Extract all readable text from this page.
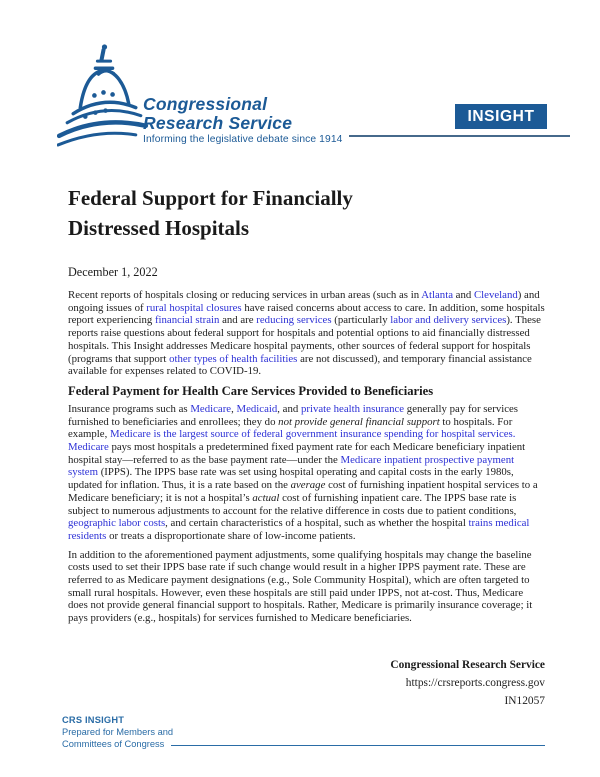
Congressional
Research Service
Informing the legislative debate since 1914
INSIGHT
Federal Support for Financially
Distressed Hospitals
December 1, 2022

Recent reports of hospitals closing or reducing services in urban areas (such as in Atlanta and Cleveland) and ongoing issues of rural hospital closures have raised concerns about access to care. In addition, some hospitals report experiencing financial strain and are reducing services (particularly labor and delivery services). These reports raise questions about federal support for hospitals and potential options to aid financially distressed hospitals. This Insight addresses Medicare hospital payments, other sources of federal support for hospitals (programs that support other types of health facilities are not discussed), and temporary financial assistance available for expenses related to COVID-19.

Federal Payment for Health Care Services Provided to Beneficiaries

Insurance programs such as Medicare, Medicaid, and private health insurance generally pay for services furnished to beneficiaries and enrollees; they do not provide general financial support to hospitals. For example, Medicare is the largest source of federal government insurance spending for hospital services. Medicare pays most hospitals a predetermined fixed payment rate for each Medicare beneficiary inpatient hospital stay—referred to as the base payment rate—under the Medicare inpatient prospective payment system (IPPS). The IPPS base rate was set using hospital operating and capital costs in the early 1980s, updated for inflation. Thus, it is a rate based on the average cost of furnishing inpatient hospital services to a Medicare beneficiary; it is not a hospital’s actual cost of furnishing inpatient care. The IPPS base rate is subject to numerous adjustments to account for the relative difference in costs due to patient conditions, geographic labor costs, and certain characteristics of a hospital, such as whether the hospital trains medical residents or treats a disproportionate share of low-income patients.

In addition to the aforementioned payment adjustments, some qualifying hospitals may change the baseline costs used to set their IPPS base rate if such change would result in a higher IPPS payment rate. These are referred to as Medicare payment designations (e.g., Sole Community Hospital), which are often targeted to small rural hospitals. However, even these hospitals are still paid under IPPS, not at-cost. Thus, Medicare does not provide general financial support to hospitals. Rather, Medicare is primarily insurance coverage; it pays providers (e.g., hospitals) for services furnished to Medicare beneficiaries.

Congressional Research Service
https://crsreports.congress.gov
IN12057
CRS INSIGHT
Prepared for Members and
Committees of Congress
